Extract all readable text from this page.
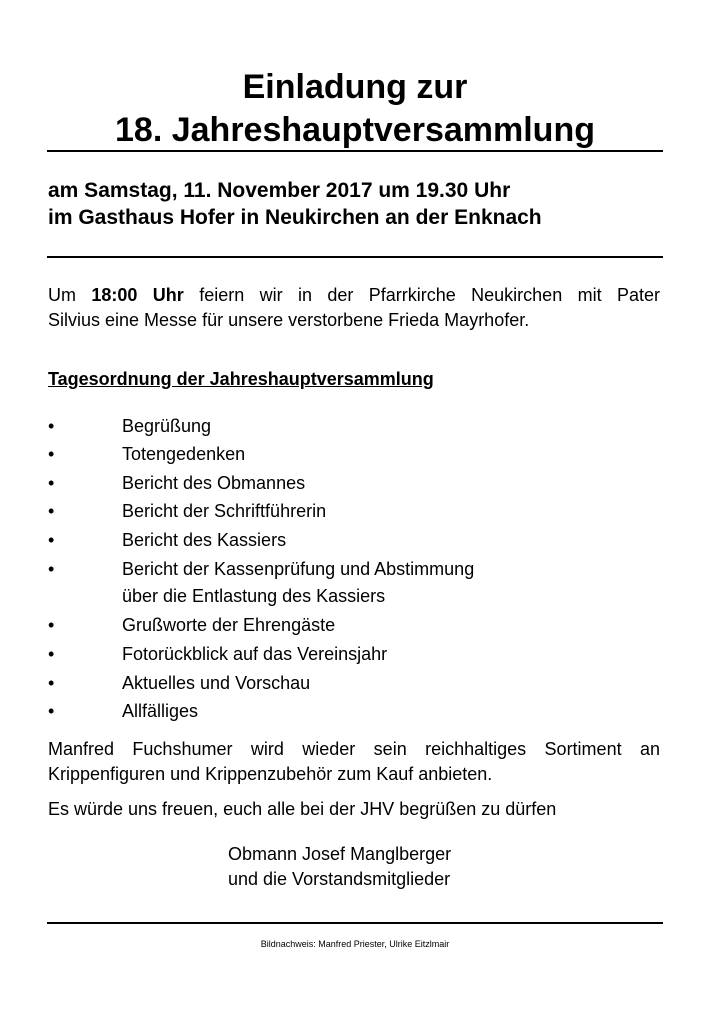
Einladung zur
18. Jahreshauptversammlung
am Samstag, 11. November 2017 um 19.30 Uhr
im Gasthaus Hofer in Neukirchen an der Enknach
Um 18:00 Uhr feiern wir in der Pfarrkirche Neukirchen mit Pater
Silvius eine Messe für unsere verstorbene Frieda Mayrhofer.
Tagesordnung der Jahreshauptversammlung
•	Begrüßung
•	Totengedenken
•	Bericht des Obmannes
•	Bericht der Schriftführerin
•	Bericht des Kassiers
•	Bericht der Kassenprüfung und Abstimmung
über die Entlastung des Kassiers
•	Grußworte der Ehrengäste
•	Fotorückblick auf das Vereinsjahr
•	Aktuelles und Vorschau
•	Allfälliges
Manfred Fuchshumer wird wieder sein reichhaltiges Sortiment an
Krippenfiguren und Krippenzubehör zum Kauf anbieten.
Es würde uns freuen, euch alle bei der JHV begrüßen zu dürfen
Obmann Josef Manglberger
und die Vorstandsmitglieder
Bildnachweis: Manfred Priester, Ulrike Eitzlmair
